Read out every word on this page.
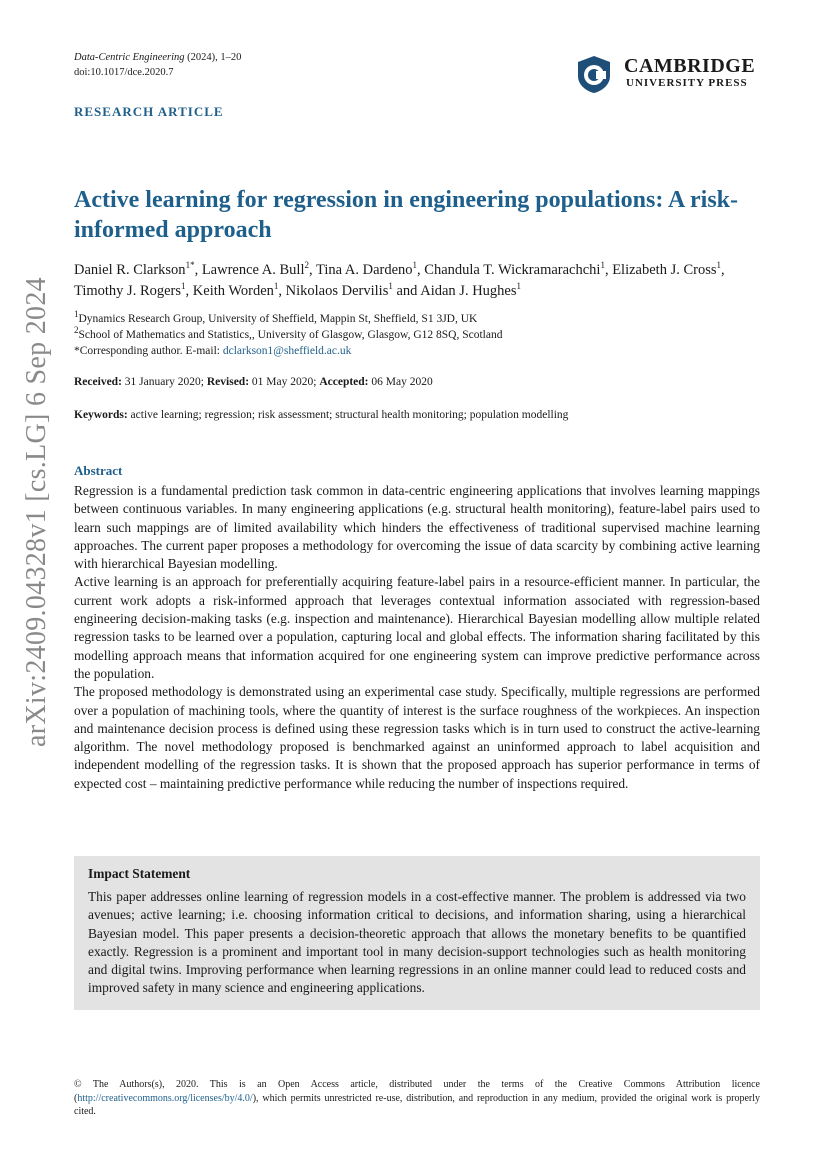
arXiv:2409.04328v1 [cs.LG] 6 Sep 2024
Data-Centric Engineering (2024), 1–20
doi:10.1017/dce.2020.7	CAMBRIDGE
UNIVERSITY PRESS
RESEARCH ARTICLE
Active learning for regression in engineering populations: A risk-informed approach
Daniel R. Clarkson$^{1*}$, Lawrence A. Bull$^2$, Tina A. Dardeno$^1$, Chandula T. Wickramarachchi$^1$, Elizabeth J. Cross$^1$, Timothy J. Rogers$^1$, Keith Worden$^1$, Nikolaos Dervilis$^1$ and Aidan J. Hughes$^1$
$^1$Dynamics Research Group, University of Sheffield, Mappin St, Sheffield, S1 3JD, UK
$^2$School of Mathematics and Statistics,, University of Glasgow, Glasgow, G12 8SQ, Scotland
*Corresponding author. E-mail: dclarkson1@sheffield.ac.uk
Received: 31 January 2020; Revised: 01 May 2020; Accepted: 06 May 2020
Keywords: active learning; regression; risk assessment; structural health monitoring; population modelling
Abstract

Regression is a fundamental prediction task common in data-centric engineering applications that involves learning mappings between continuous variables. In many engineering applications (e.g. structural health monitoring), feature-label pairs used to learn such mappings are of limited availability which hinders the effectiveness of traditional supervised machine learning approaches. The current paper proposes a methodology for overcoming the issue of data scarcity by combining active learning with hierarchical Bayesian modelling.

Active learning is an approach for preferentially acquiring feature-label pairs in a resource-efficient manner. In particular, the current work adopts a risk-informed approach that leverages contextual information associated with regression-based engineering decision-making tasks (e.g. inspection and maintenance). Hierarchical Bayesian modelling allow multiple related regression tasks to be learned over a population, capturing local and global effects. The information sharing facilitated by this modelling approach means that information acquired for one engineering system can improve predictive performance across the population.

The proposed methodology is demonstrated using an experimental case study. Specifically, multiple regressions are performed over a population of machining tools, where the quantity of interest is the surface roughness of the workpieces. An inspection and maintenance decision process is defined using these regression tasks which is in turn used to construct the active-learning algorithm. The novel methodology proposed is benchmarked against an uninformed approach to label acquisition and independent modelling of the regression tasks. It is shown that the proposed approach has superior performance in terms of expected cost – maintaining predictive performance while reducing the number of inspections required.

Impact Statement
This paper addresses online learning of regression models in a cost-effective manner. The problem is addressed via two avenues; active learning; i.e. choosing information critical to decisions, and information sharing, using a hierarchical Bayesian model. This paper presents a decision-theoretic approach that allows the monetary benefits to be quantified exactly. Regression is a prominent and important tool in many decision-support technologies such as health monitoring and digital twins. Improving performance when learning regressions in an online manner could lead to reduced costs and improved safety in many science and engineering applications.
© The Authors(s), 2020. This is an Open Access article, distributed under the terms of the Creative Commons Attribution licence (http://creativecommons.org/licenses/by/4.0/), which permits unrestricted re-use, distribution, and reproduction in any medium, provided the original work is properly cited.
